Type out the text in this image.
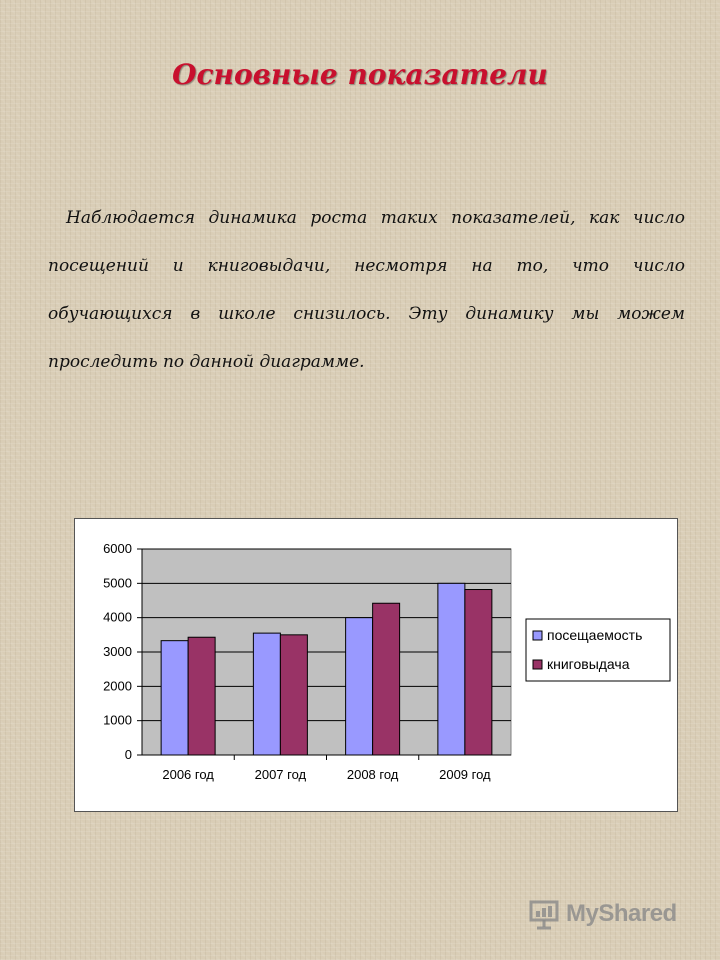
Основные показатели

Наблюдается динамика роста таких показателей, как число посещений и книговыдачи, несмотря на то, что число обучающихся в школе снизилось. Эту динамику мы можем проследить по данной диаграмме.

0
1000
2000
3000
4000
5000
6000
2006 год	2007 год	2008 год	2009 год
посещаемость
книговыдача
MyShared
